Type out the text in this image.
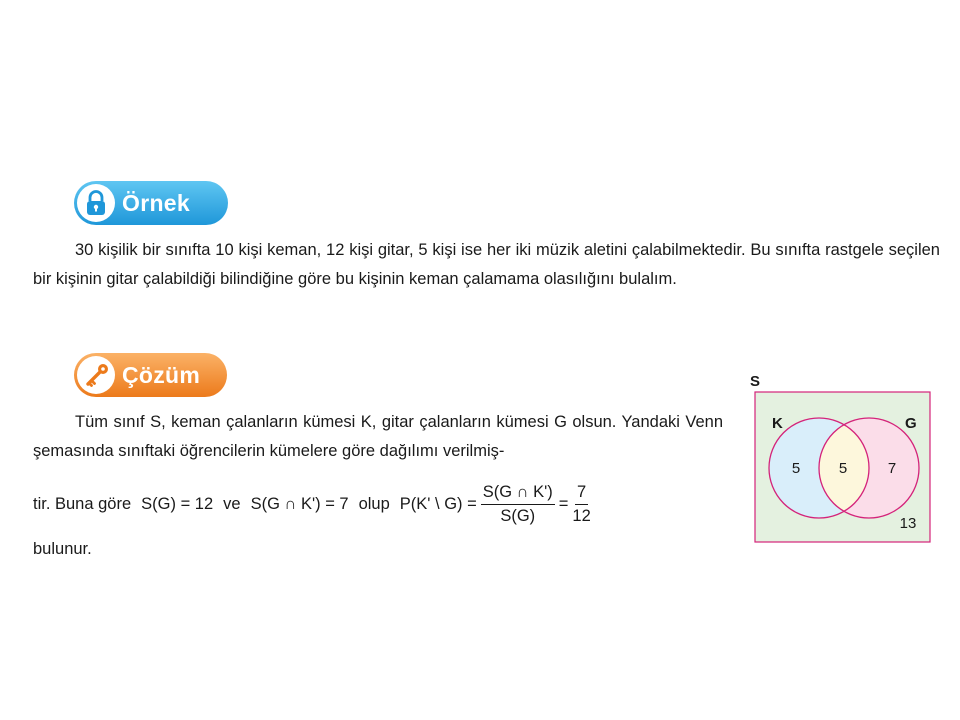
Örnek
30 kişilik bir sınıfta 10 kişi keman, 12 kişi gitar, 5 kişi ise her iki müzik aletini çalabilmektedir. Bu sınıfta rastgele seçilen bir kişinin gitar çalabildiği bilindiğine göre bu kişinin keman çalamama olasılığını bulalım.
Çözüm
Tüm sınıf S, keman çalanların kümesi K, gitar çalanların kümesi G olsun. Yandaki Venn şemasında sınıftaki öğrencilerin kümelere göre dağılımı verilmiş-
tir. Buna göre S(G) = 12 ve S(G ∩ K') = 7 olup P(K' \ $G) = \frac{S(G \cap K')}{S(G)} = \frac{7}{12}$
bulunur.
S
K	G
5	5	7
13
